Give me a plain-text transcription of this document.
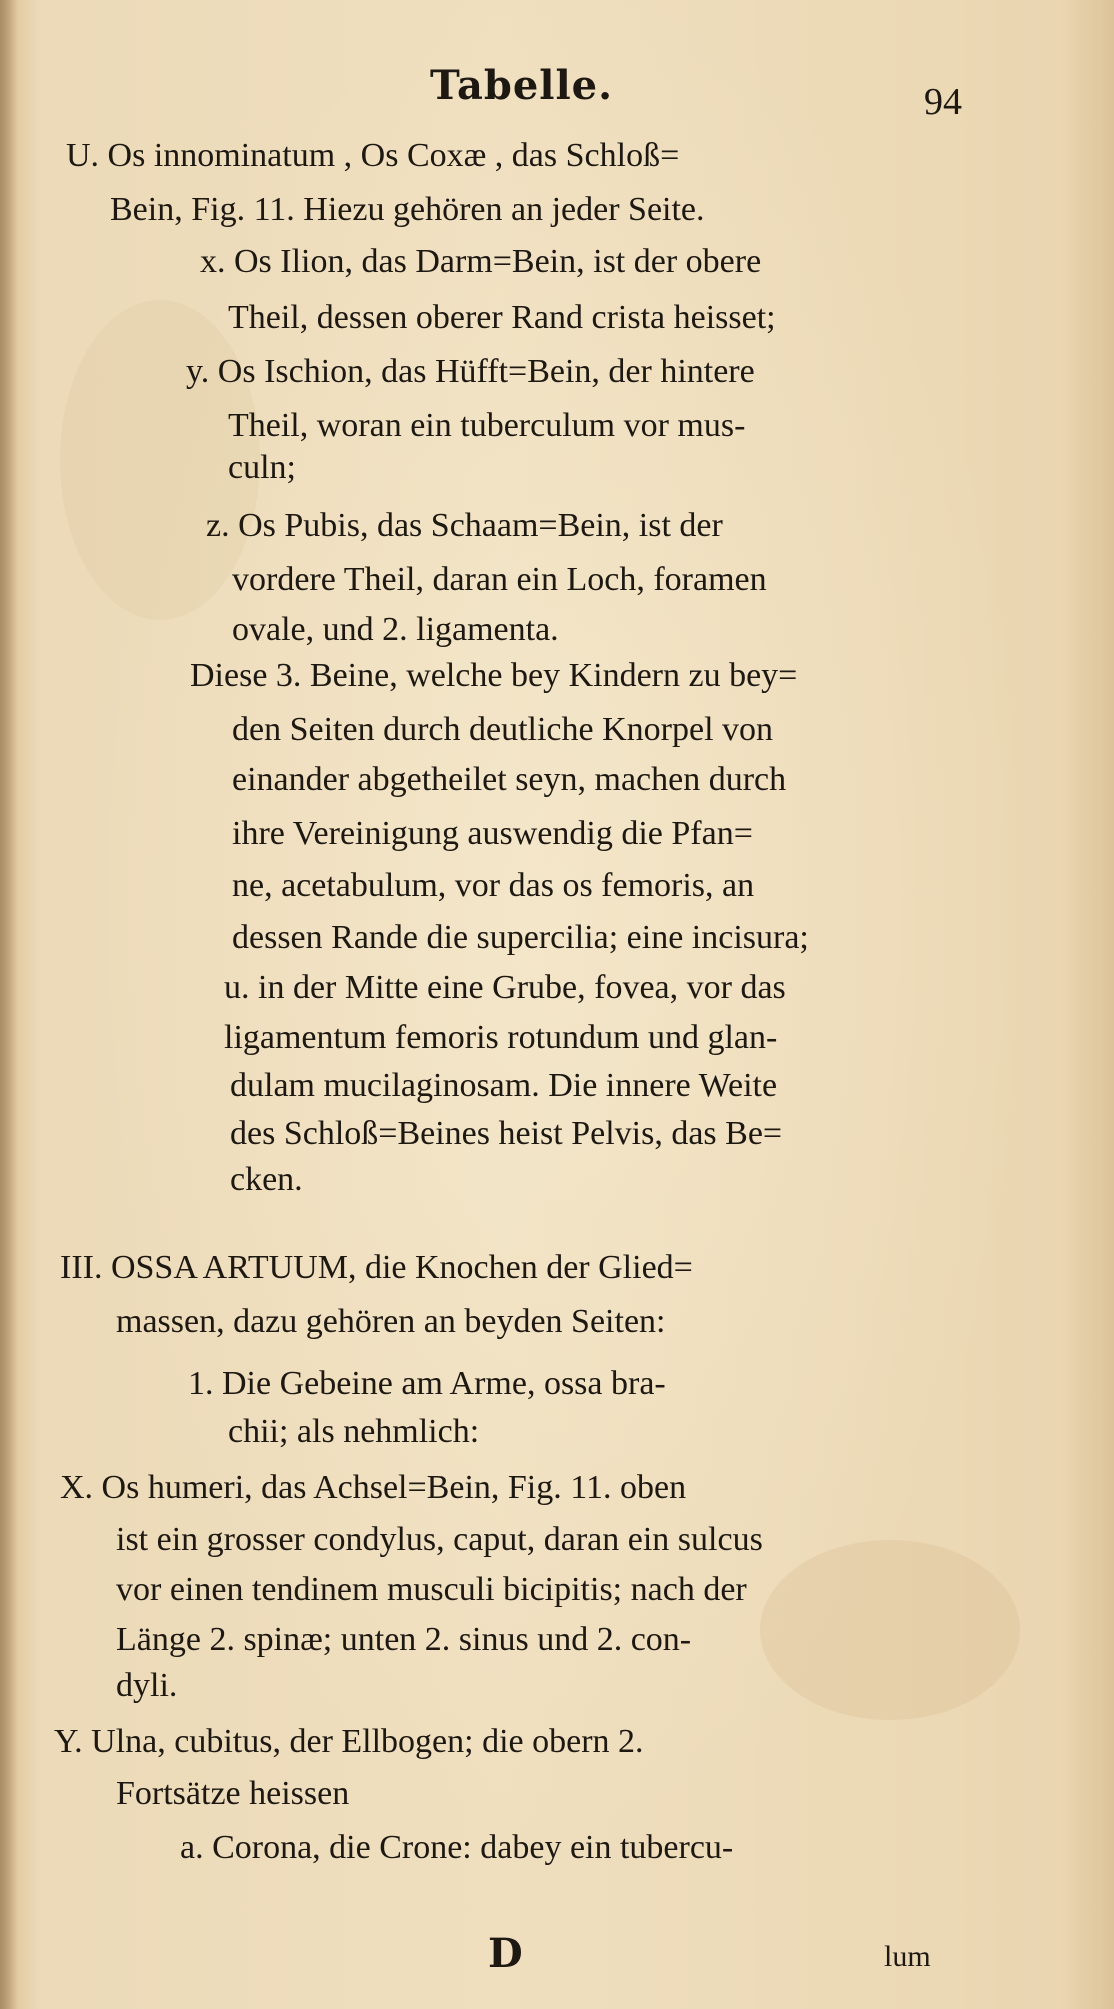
Tabelle.	94
U. Os innominatum , Os Coxæ , das Schloß=
Bein, Fig. 11. Hiezu gehören an jeder Seite.
x. Os Ilion, das Darm=Bein, ist der obere
Theil, dessen oberer Rand crista heisset;
y. Os Ischion, das Hüfft=Bein, der hintere
Theil, woran ein tuberculum vor mus-
culn;
z. Os Pubis, das Schaam=Bein, ist der
vordere Theil, daran ein Loch, foramen
ovale, und 2. ligamenta.
Diese 3. Beine, welche bey Kindern zu bey=
den Seiten durch deutliche Knorpel von
einander abgetheilet seyn, machen durch
ihre Vereinigung auswendig die Pfan=
ne, acetabulum, vor das os femoris, an
dessen Rande die supercilia; eine incisura;
u. in der Mitte eine Grube, fovea, vor das
ligamentum femoris rotundum und glan-
dulam mucilaginosam. Die innere Weite
des Schloß=Beines heist Pelvis, das Be=
cken.
III. OSSA ARTUUM, die Knochen der Glied=
massen, dazu gehören an beyden Seiten:
1. Die Gebeine am Arme, ossa bra-
chii; als nehmlich:
X. Os humeri, das Achsel=Bein, Fig. 11. oben
ist ein grosser condylus, caput, daran ein sulcus
vor einen tendinem musculi bicipitis; nach der
Länge 2. spinæ; unten 2. sinus und 2. con-
dyli.
Y. Ulna, cubitus, der Ellbogen; die obern 2.
Fortsätze heissen
a. Corona, die Crone: dabey ein tubercu-
D	lum
